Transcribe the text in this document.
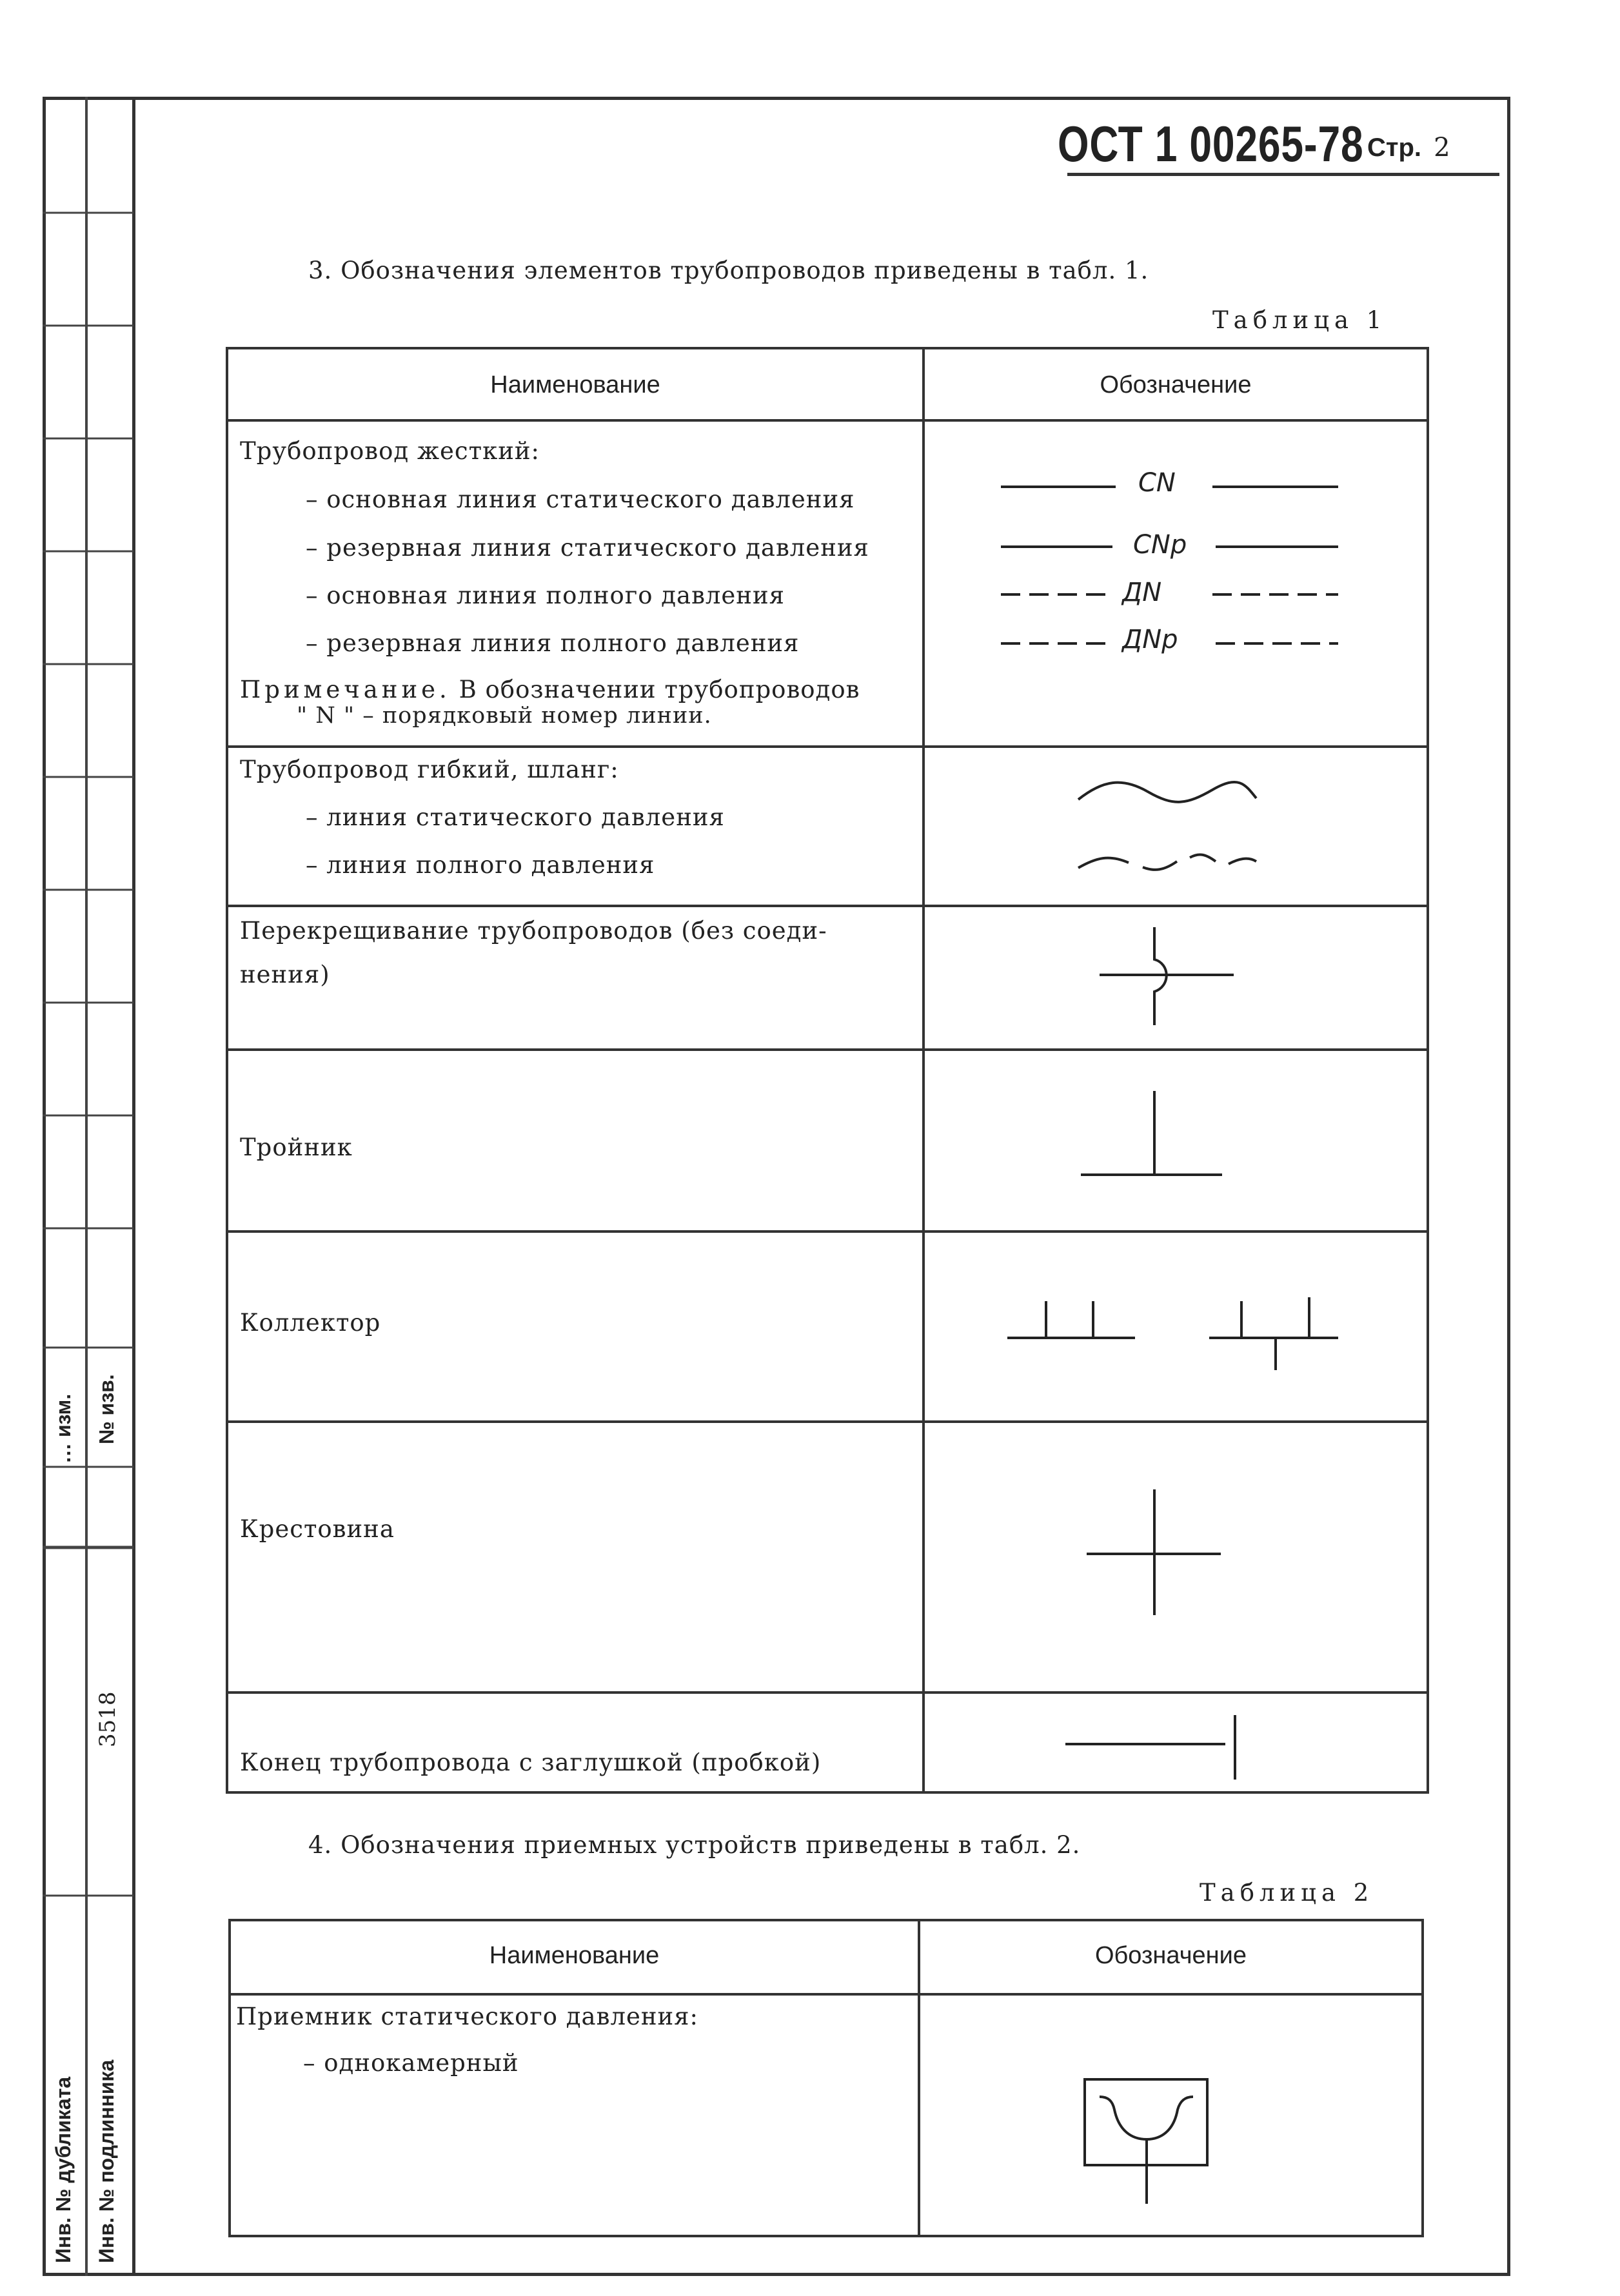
… изм. № изв.
3518
Инв. № дубликата Инв. № подлинника
ОСТ 1 00265-78 Стр. 2
3. Обозначения элементов трубопроводов приведены в табл. 1.
Таблица 1
Наименование	Обозначение
Трубопровод жесткий:
– основная линия статического давления
– резервная линия статического давления
– основная линия полного давления
– резервная линия полного давления
Примечание. В обозначении трубопроводов
" N " – порядковый номер линии.
CN
CNp
ДN
ДNp
Трубопровод гибкий, шланг:
– линия статического давления
– линия полного давления
Перекрещивание трубопроводов (без соеди-
нения)
Тройник
Коллектор
Крестовина
Конец трубопровода с заглушкой (пробкой)
4. Обозначения приемных устройств приведены в табл. 2.
Таблица 2
Наименование	Обозначение
Приемник статического давления:
– однокамерный
